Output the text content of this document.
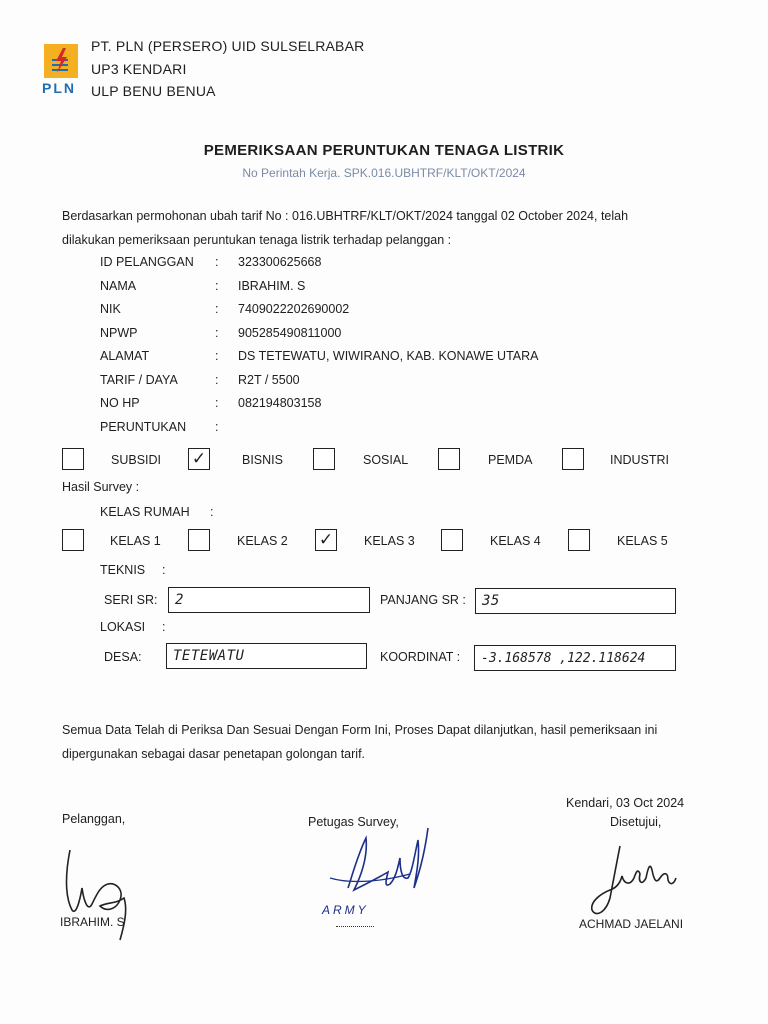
PLN
PT. PLN (PERSERO) UID SULSELRABAR
UP3 KENDARI
ULP BENU BENUA
PEMERIKSAAN PERUNTUKAN TENAGA LISTRIK
No Perintah Kerja. SPK.016.UBHTRF/KLT/OKT/2024
Berdasarkan permohonan ubah tarif No : 016.UBHTRF/KLT/OKT/2024 tanggal 02 October 2024, telah
dilakukan pemeriksaan peruntukan tenaga listrik terhadap pelanggan :
ID PELANGGAN	:	323300625668
NAMA	:	IBRAHIM. S
NIK	:	7409022202690002
NPWP	:	905285490811000
ALAMAT	:	DS TETEWATU, WIWIRANO, KAB. KONAWE UTARA
TARIF / DAYA	:	R2T / 5500
NO HP	:	082194803158
PERUNTUKAN	:
SUBSIDI ✓	BISNIS	SOSIAL	PEMDA	INDUSTRI
Hasil Survey :
KELAS RUMAH	:
KELAS 1	KELAS 2 ✓ KELAS 3	KELAS 4	KELAS 5
TEKNIS	:
SERI SR: 2	PANJANG SR : 35
LOKASI	:
DESA: TETEWATU	KOORDINAT : -3.168578 ,122.118624
Semua Data Telah di Periksa Dan Sesuai Dengan Form Ini, Proses Dapat dilanjutkan, hasil pemeriksaan ini
dipergunakan sebagai dasar penetapan golongan tarif.
Kendari, 03 Oct 2024
Disetujui,
Pelanggan,	Petugas Survey,
IBRAHIM. S
ARMY
ACHMAD JAELANI
